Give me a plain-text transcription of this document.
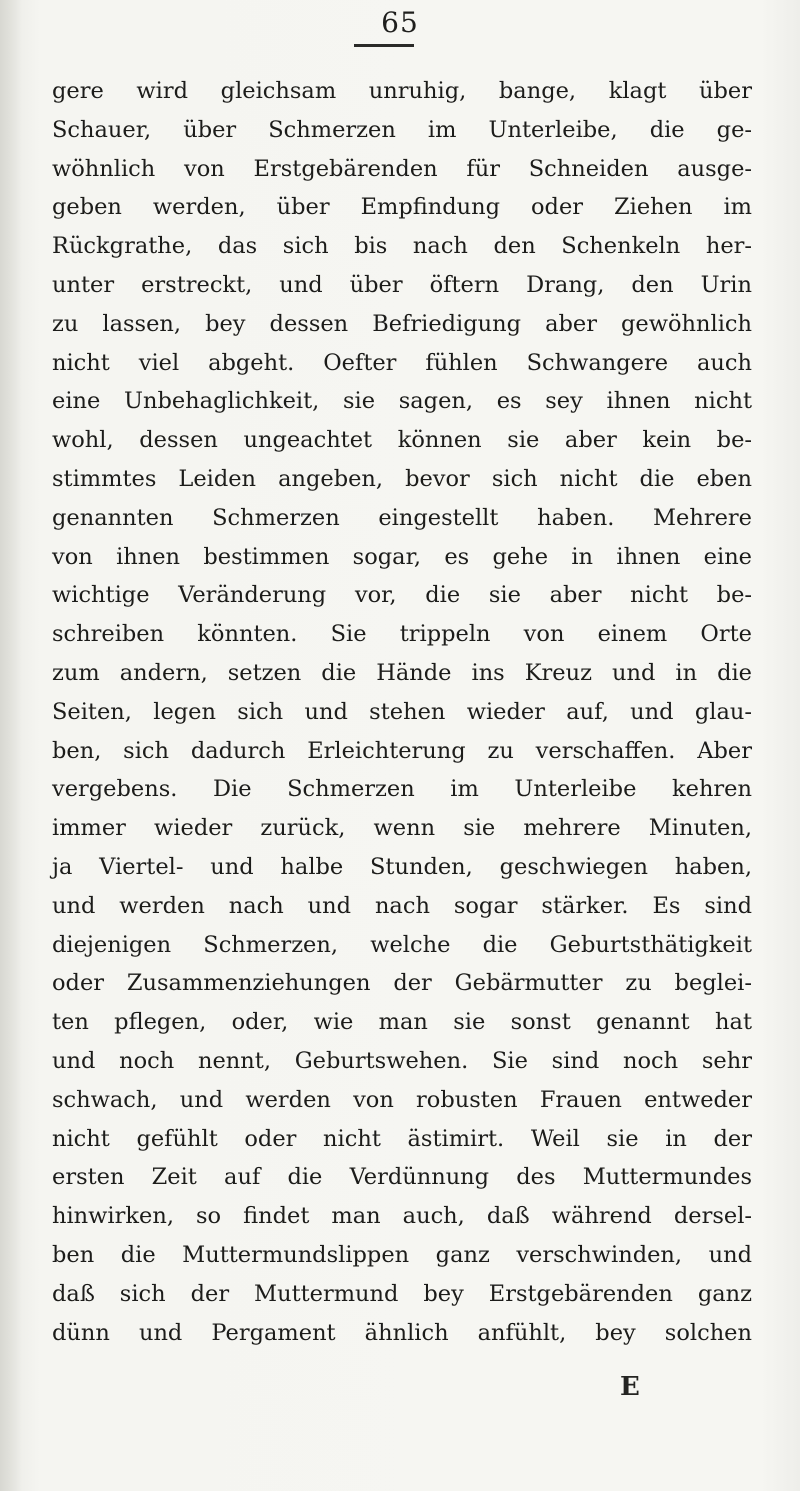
65
gere wird gleichsam unruhig, bange, klagt über
Schauer, über Schmerzen im Unterleibe, die ge-
wöhnlich von Erstgebärenden für Schneiden ausge-
geben werden, über Empfindung oder Ziehen im
Rückgrathe, das sich bis nach den Schenkeln her-
unter erstreckt, und über öftern Drang, den Urin
zu lassen, bey dessen Befriedigung aber gewöhnlich
nicht viel abgeht. Oefter fühlen Schwangere auch
eine Unbehaglichkeit, sie sagen, es sey ihnen nicht
wohl, dessen ungeachtet können sie aber kein be-
stimmtes Leiden angeben, bevor sich nicht die eben
genannten Schmerzen eingestellt haben. Mehrere
von ihnen bestimmen sogar, es gehe in ihnen eine
wichtige Veränderung vor, die sie aber nicht be-
schreiben könnten. Sie trippeln von einem Orte
zum andern, setzen die Hände ins Kreuz und in die
Seiten, legen sich und stehen wieder auf, und glau-
ben, sich dadurch Erleichterung zu verschaffen. Aber
vergebens. Die Schmerzen im Unterleibe kehren
immer wieder zurück, wenn sie mehrere Minuten,
ja Viertel- und halbe Stunden, geschwiegen haben,
und werden nach und nach sogar stärker. Es sind
diejenigen Schmerzen, welche die Geburtsthätigkeit
oder Zusammenziehungen der Gebärmutter zu beglei-
ten pflegen, oder, wie man sie sonst genannt hat
und noch nennt, Geburtswehen. Sie sind noch sehr
schwach, und werden von robusten Frauen entweder
nicht gefühlt oder nicht ästimirt. Weil sie in der
ersten Zeit auf die Verdünnung des Muttermundes
hinwirken, so findet man auch, daß während dersel-
ben die Muttermundslippen ganz verschwinden, und
daß sich der Muttermund bey Erstgebärenden ganz
dünn und Pergament ähnlich anfühlt, bey solchen
E
